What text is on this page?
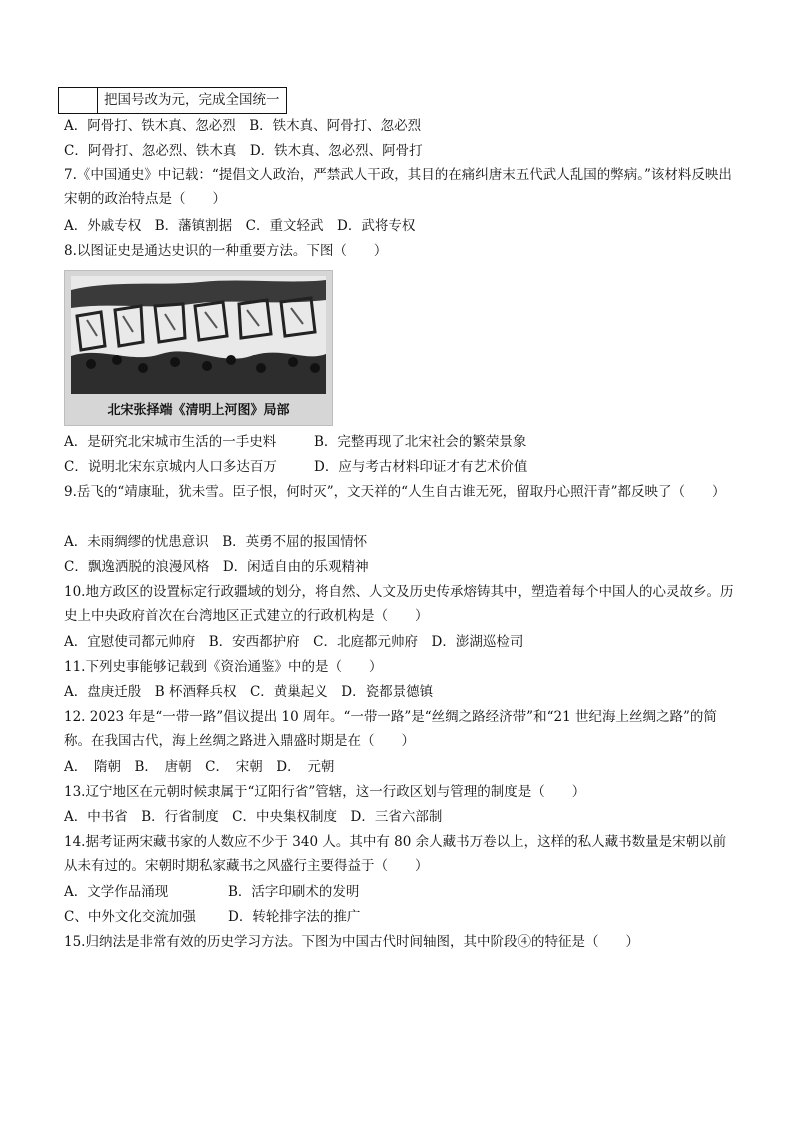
把国号改为元，完成全国统一
A．阿骨打、铁木真、忽必烈　B．铁木真、阿骨打、忽必烈
C．阿骨打、忽必烈、铁木真　D．铁木真、忽必烈、阿骨打
7.《中国通史》中记载：“提倡文人政治，严禁武人干政，其目的在痛纠唐末五代武人乱国的弊病。”该材料反映出宋朝的政治特点是（　　）
A．外戚专权　B．藩镇割据　C．重文轻武　D．武将专权
8.以图证史是通达史识的一种重要方法。下图（　　）
北宋张择端《清明上河图》局部
A．是研究北宋城市生活的一手史料	B．完整再现了北宋社会的繁荣景象
C．说明北宋东京城内人口多达百万	D．应与考古材料印证才有艺术价值
9.岳飞的“靖康耻，犹未雪。臣子恨，何时灭”，文天祥的“人生自古谁无死，留取丹心照汗青”都反映了（　　）
A．未雨绸缪的忧患意识　B．英勇不屈的报国情怀
C．飘逸洒脱的浪漫风格　D．闲适自由的乐观精神
10.地方政区的设置标定行政疆域的划分，将自然、人文及历史传承熔铸其中，塑造着每个中国人的心灵故乡。历史上中央政府首次在台湾地区正式建立的行政机构是（　　）
A．宜慰使司都元帅府　B．安西都护府　C．北庭都元帅府　D．澎湖巡检司
11.下列史事能够记载到《资治通鉴》中的是（　　）
A．盘庚迁殷　B 杯酒释兵权　C．黄巢起义　D．瓷都景德镇
12. 2023 年是“一带一路”倡议提出 10 周年。“一带一路”是“丝绸之路经济带”和“21 世纪海上丝绸之路”的简称。在我国古代，海上丝绸之路进入鼎盛时期是在（　　）
A．　隋朝　B．　唐朝　C．　宋朝　D．　元朝
13.辽宁地区在元朝时候隶属于“辽阳行省”管辖，这一行政区划与管理的制度是（　　）
A．中书省　B．行省制度　C．中央集权制度　D．三省六部制
14.据考证两宋藏书家的人数应不少于 340 人。其中有 80 余人藏书万卷以上，这样的私人藏书数量是宋朝以前从未有过的。宋朝时期私家藏书之风盛行主要得益于（　　）
A．文学作品涌现	B．活字印刷术的发明
C、中外文化交流加强 D．转轮排字法的推广
15.归纳法是非常有效的历史学习方法。下图为中国古代时间轴图，其中阶段④的特征是（　　）
